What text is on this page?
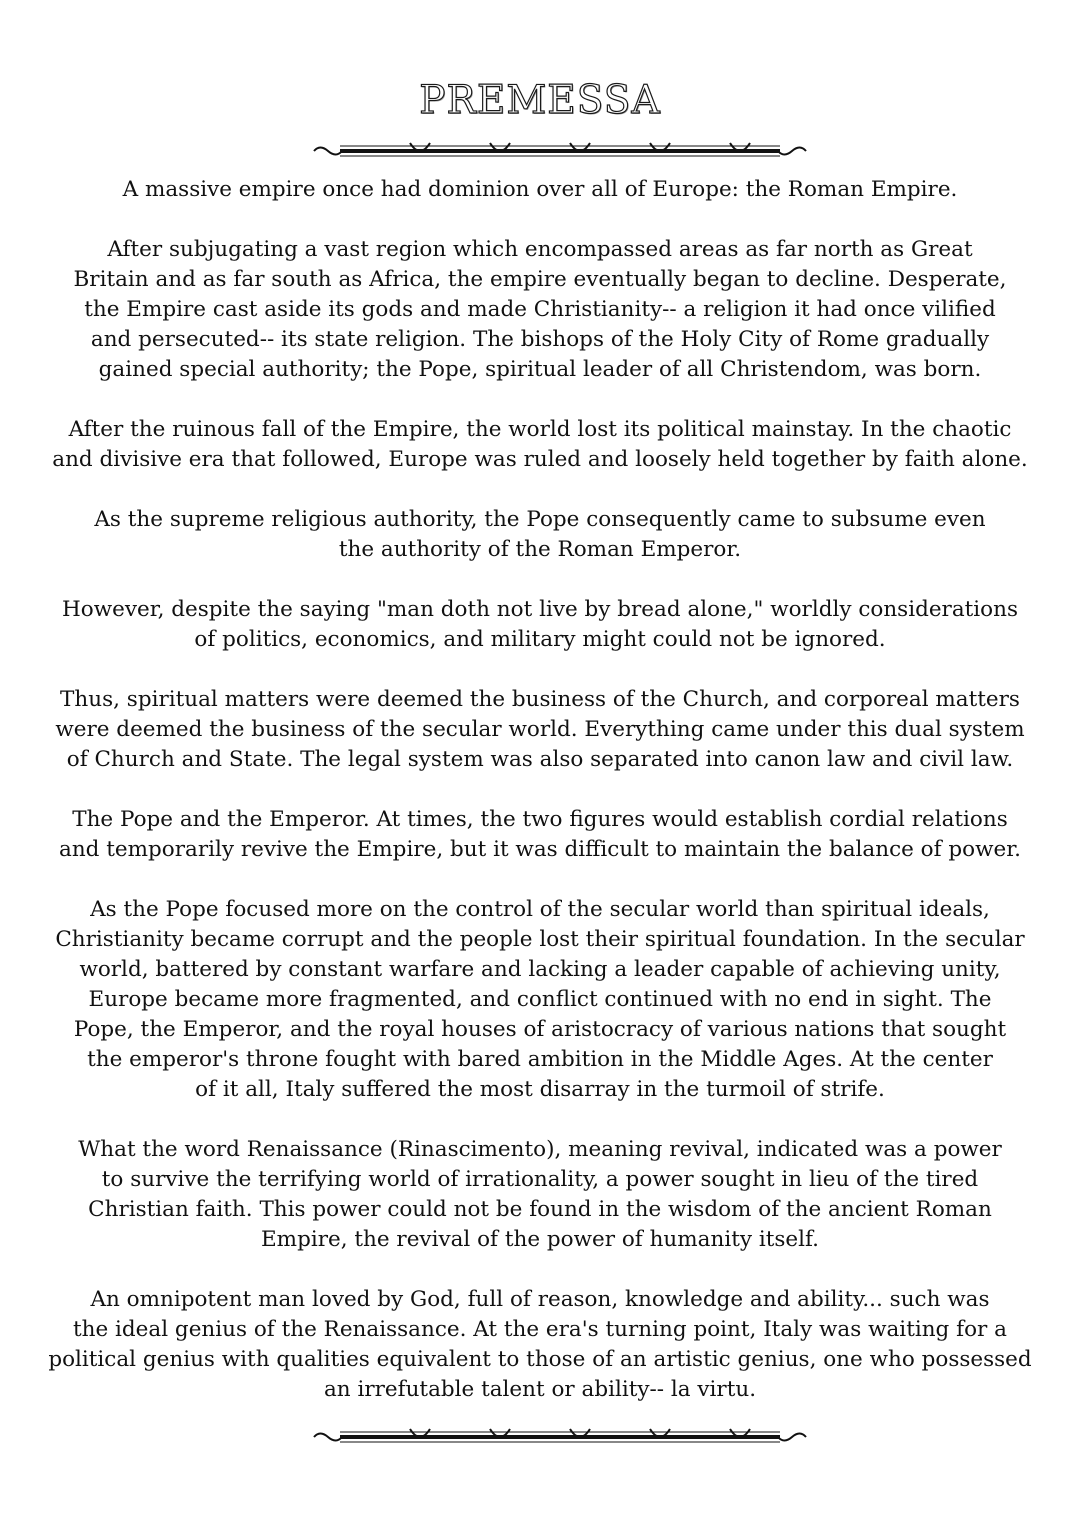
PREMESSA

A massive empire once had dominion over all of Europe: the Roman Empire.

After subjugating a vast region which encompassed areas as far north as Great
Britain and as far south as Africa, the empire eventually began to decline. Desperate,
the Empire cast aside its gods and made Christianity-- a religion it had once vilified
and persecuted-- its state religion. The bishops of the Holy City of Rome gradually
gained special authority; the Pope, spiritual leader of all Christendom, was born.

After the ruinous fall of the Empire, the world lost its political mainstay. In the chaotic
and divisive era that followed, Europe was ruled and loosely held together by faith alone.

As the supreme religious authority, the Pope consequently came to subsume even
the authority of the Roman Emperor.

However, despite the saying "man doth not live by bread alone," worldly considerations
of politics, economics, and military might could not be ignored.

Thus, spiritual matters were deemed the business of the Church, and corporeal matters
were deemed the business of the secular world. Everything came under this dual system
of Church and State. The legal system was also separated into canon law and civil law.

The Pope and the Emperor. At times, the two figures would establish cordial relations
and temporarily revive the Empire, but it was difficult to maintain the balance of power.

As the Pope focused more on the control of the secular world than spiritual ideals,
Christianity became corrupt and the people lost their spiritual foundation. In the secular
world, battered by constant warfare and lacking a leader capable of achieving unity,
Europe became more fragmented, and conflict continued with no end in sight. The
Pope, the Emperor, and the royal houses of aristocracy of various nations that sought
the emperor's throne fought with bared ambition in the Middle Ages. At the center
of it all, Italy suffered the most disarray in the turmoil of strife.

What the word Renaissance (Rinascimento), meaning revival, indicated was a power
to survive the terrifying world of irrationality, a power sought in lieu of the tired
Christian faith. This power could not be found in the wisdom of the ancient Roman
Empire, the revival of the power of humanity itself.

An omnipotent man loved by God, full of reason, knowledge and ability... such was
the ideal genius of the Renaissance. At the era's turning point, Italy was waiting for a
political genius with qualities equivalent to those of an artistic genius, one who possessed
an irrefutable talent or ability-- la virtu.
